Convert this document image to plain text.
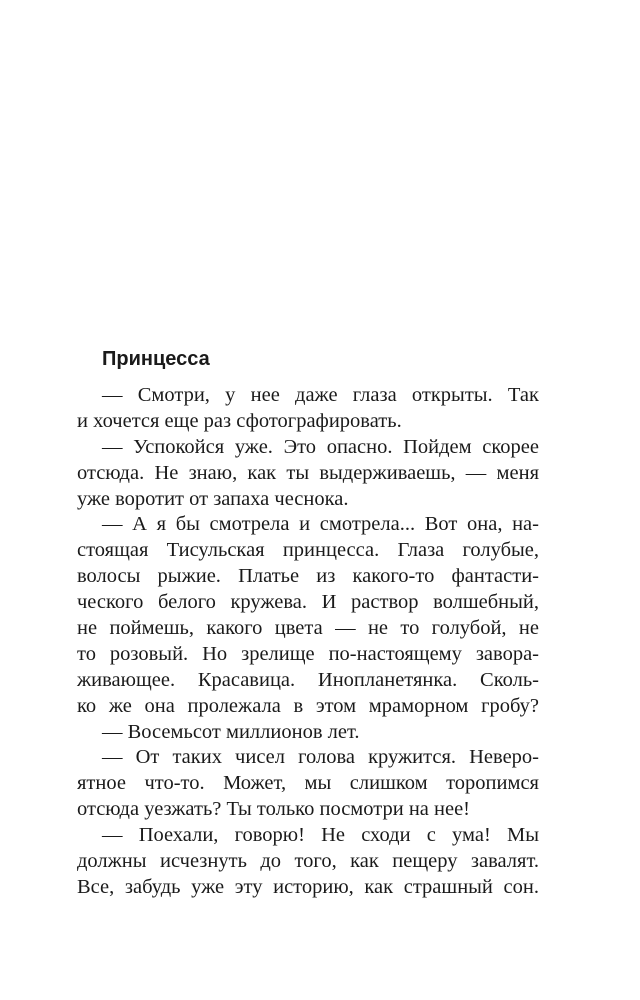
Принцесса
— Смотри, у нее даже глаза открыты. Так
и хочется еще раз сфотографировать.
— Успокойся уже. Это опасно. Пойдем скорее
отсюда. Не знаю, как ты выдерживаешь, — меня
уже воротит от запаха чеснока.
— А я бы смотрела и смотрела... Вот она, на-
стоящая Тисульская принцесса. Глаза голубые,
волосы рыжие. Платье из какого-то фантасти-
ческого белого кружева. И раствор волшебный,
не поймешь, какого цвета — не то голубой, не
то розовый. Но зрелище по-настоящему завора-
живающее. Красавица. Инопланетянка. Сколь-
ко же она пролежала в этом мраморном гробу?
— Восемьсот миллионов лет.
— От таких чисел голова кружится. Неверо-
ятное что-то. Может, мы слишком торопимся
отсюда уезжать? Ты только посмотри на нее!
— Поехали, говорю! Не сходи с ума! Мы
должны исчезнуть до того, как пещеру завалят.
Все, забудь уже эту историю, как страшный сон.
